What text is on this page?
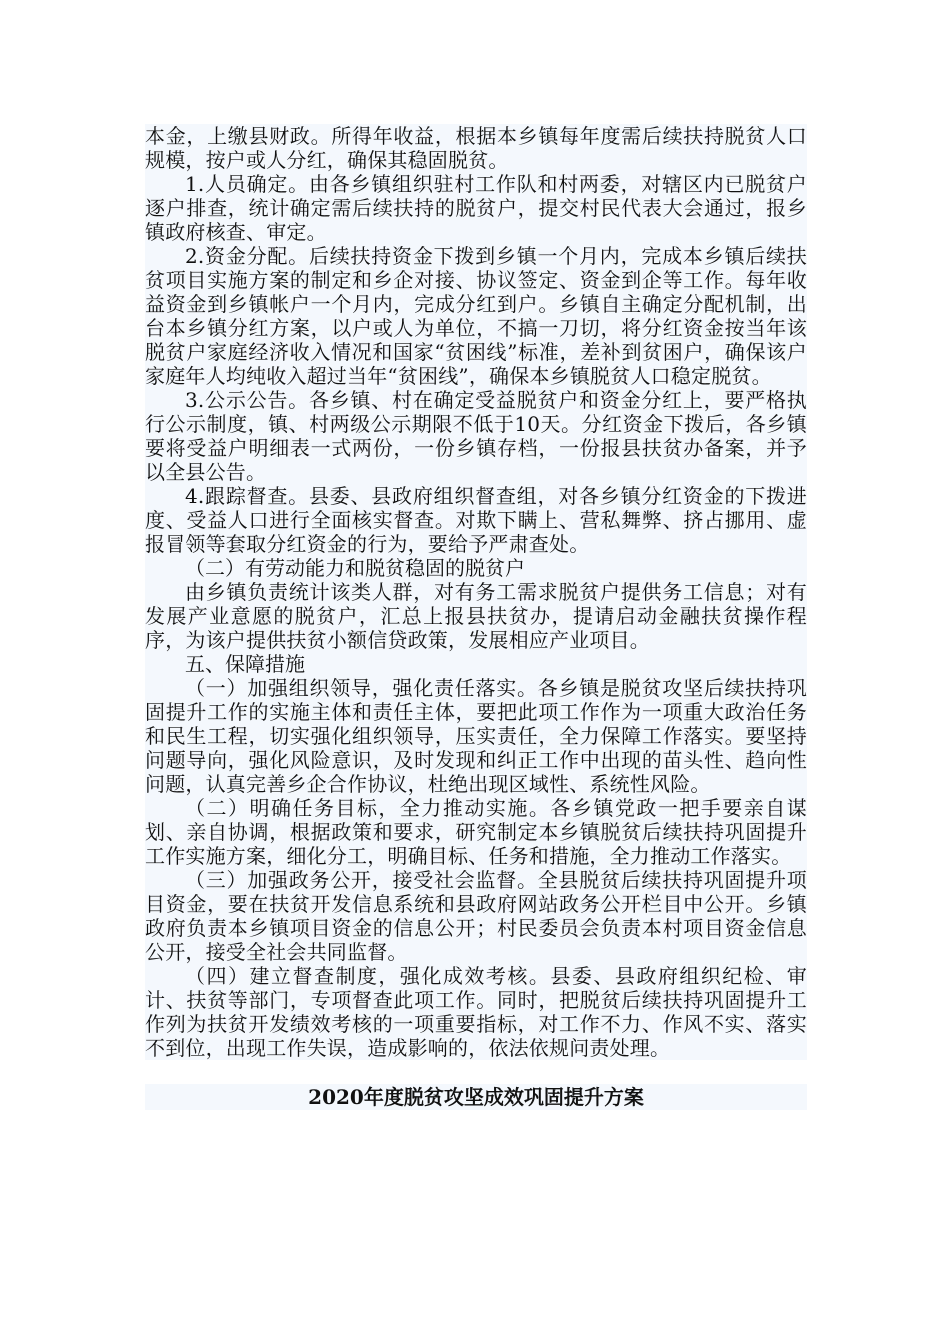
本金，上缴县财政。所得年收益，根据本乡镇每年度需后续扶持脱贫人口规模，按户或人分红，确保其稳固脱贫。

1.人员确定。由各乡镇组织驻村工作队和村两委，对辖区内已脱贫户逐户排查，统计确定需后续扶持的脱贫户，提交村民代表大会通过，报乡镇政府核查、审定。

2.资金分配。后续扶持资金下拨到乡镇一个月内，完成本乡镇后续扶贫项目实施方案的制定和乡企对接、协议签定、资金到企等工作。每年收益资金到乡镇帐户一个月内，完成分红到户。乡镇自主确定分配机制，出台本乡镇分红方案，以户或人为单位，不搞一刀切，将分红资金按当年该脱贫户家庭经济收入情况和国家“贫困线”标准，差补到贫困户，确保该户家庭年人均纯收入超过当年“贫困线”，确保本乡镇脱贫人口稳定脱贫。

3.公示公告。各乡镇、村在确定受益脱贫户和资金分红上，要严格执行公示制度，镇、村两级公示期限不低于10天。分红资金下拨后，各乡镇要将受益户明细表一式两份，一份乡镇存档，一份报县扶贫办备案，并予以全县公告。

4.跟踪督查。县委、县政府组织督查组，对各乡镇分红资金的下拨进度、受益人口进行全面核实督查。对欺下瞒上、营私舞弊、挤占挪用、虚报冒领等套取分红资金的行为，要给予严肃查处。

（二）有劳动能力和脱贫稳固的脱贫户

由乡镇负责统计该类人群，对有务工需求脱贫户提供务工信息；对有发展产业意愿的脱贫户，汇总上报县扶贫办，提请启动金融扶贫操作程序，为该户提供扶贫小额信贷政策，发展相应产业项目。

五、保障措施

（一）加强组织领导，强化责任落实。各乡镇是脱贫攻坚后续扶持巩固提升工作的实施主体和责任主体，要把此项工作作为一项重大政治任务和民生工程，切实强化组织领导，压实责任，全力保障工作落实。要坚持问题导向，强化风险意识，及时发现和纠正工作中出现的苗头性、趋向性问题，认真完善乡企合作协议，杜绝出现区域性、系统性风险。

（二）明确任务目标，全力推动实施。各乡镇党政一把手要亲自谋划、亲自协调，根据政策和要求，研究制定本乡镇脱贫后续扶持巩固提升工作实施方案，细化分工，明确目标、任务和措施，全力推动工作落实。

（三）加强政务公开，接受社会监督。全县脱贫后续扶持巩固提升项目资金，要在扶贫开发信息系统和县政府网站政务公开栏目中公开。乡镇政府负责本乡镇项目资金的信息公开；村民委员会负责本村项目资金信息公开，接受全社会共同监督。

（四）建立督查制度，强化成效考核。县委、县政府组织纪检、审计、扶贫等部门，专项督查此项工作。同时，把脱贫后续扶持巩固提升工作列为扶贫开发绩效考核的一项重要指标，对工作不力、作风不实、落实不到位，出现工作失误，造成影响的，依法依规问责处理。

2020年度脱贫攻坚成效巩固提升方案
